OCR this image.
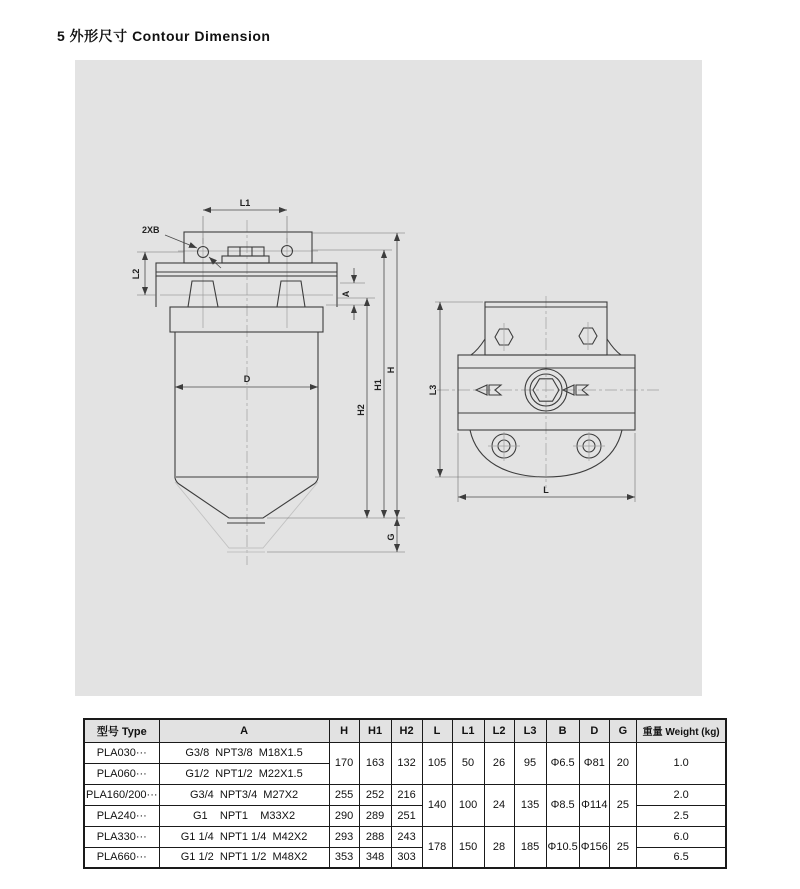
5 外形尺寸 Contour Dimension
L1
2XB
L2
A
D
H2
H1
H
G
L3
L
型号 Type	A	H	H1	H2	L	L1	L2	L3	B	D	G	重量 Weight (kg)
PLA030···	G3/8  NPT3/8  M18X1.5	170	163	132	105	50	26	95	Φ6.5	Φ81	20	1.0
PLA060···	G1/2  NPT1/2  M22X1.5											
PLA160/200···	G3/4  NPT3/4  M27X2	255	252	216	140	100	24	135	Φ8.5	Φ114	25	2.0
PLA240···	G1    NPT1    M33X2	290	289	251								2.5
PLA330···	G1 1/4  NPT1 1/4  M42X2	293	288	243	178	150	28	185	Φ10.5	Φ156	25	6.0
PLA660···	G1 1/2  NPT1 1/2  M48X2	353	348	303								6.5
